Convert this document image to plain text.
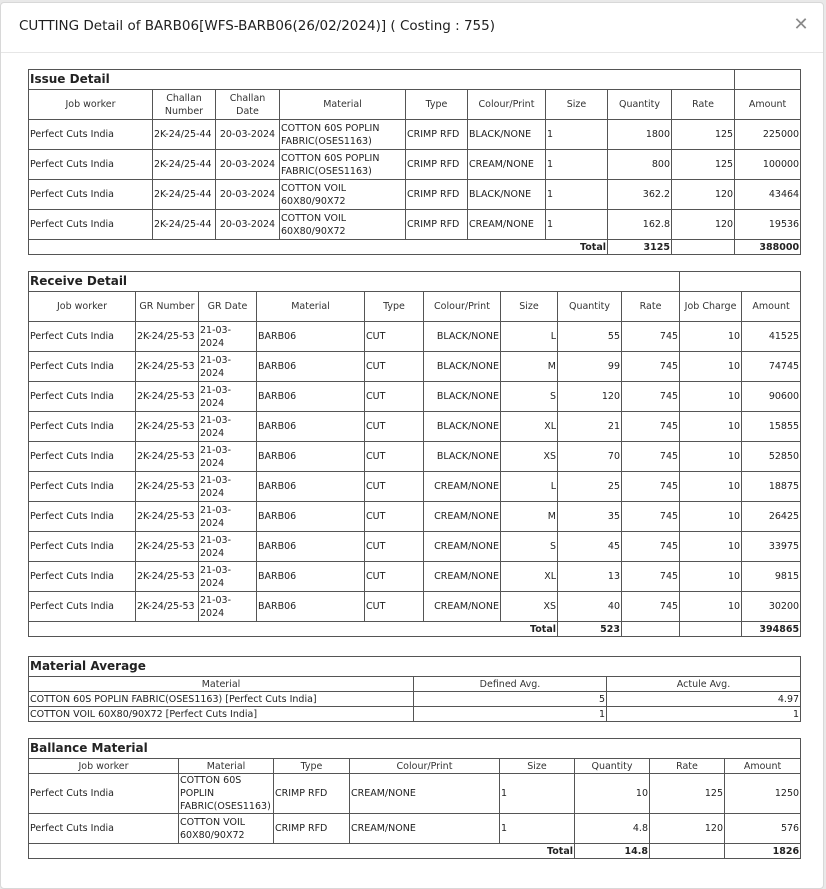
CUTTING Detail of BARB06[WFS-BARB06(26/02/2024)] ( Costing : 755)	✕
Issue Detail									
Job worker	Challan Number	Challan Date	Material	Type	Colour/Print	Size	Quantity	Rate	Amount
Perfect Cuts India	2K-24/25-44	20-03-2024	COTTON 60S POPLIN FABRIC(OSES1163)	CRIMP RFD	BLACK/NONE	1	1800	125	225000
Perfect Cuts India	2K-24/25-44	20-03-2024	COTTON 60S POPLIN FABRIC(OSES1163)	CRIMP RFD	CREAM/NONE	1	800	125	100000
Perfect Cuts India	2K-24/25-44	20-03-2024	COTTON VOIL 60X80/90X72	CRIMP RFD	BLACK/NONE	1	362.2	120	43464
Perfect Cuts India	2K-24/25-44	20-03-2024	COTTON VOIL 60X80/90X72	CRIMP RFD	CREAM/NONE	1	162.8	120	19536
Total							3125		388000
Receive Detail										
Job worker	GR Number	GR Date	Material	Type	Colour/Print	Size	Quantity	Rate	Job Charge	Amount
Perfect Cuts India	2K-24/25-53	21-03-2024	BARB06	CUT	BLACK/NONE	L	55	745	10	41525
Perfect Cuts India	2K-24/25-53	21-03-2024	BARB06	CUT	BLACK/NONE	M	99	745	10	74745
Perfect Cuts India	2K-24/25-53	21-03-2024	BARB06	CUT	BLACK/NONE	S	120	745	10	90600
Perfect Cuts India	2K-24/25-53	21-03-2024	BARB06	CUT	BLACK/NONE	XL	21	745	10	15855
Perfect Cuts India	2K-24/25-53	21-03-2024	BARB06	CUT	BLACK/NONE	XS	70	745	10	52850
Perfect Cuts India	2K-24/25-53	21-03-2024	BARB06	CUT	CREAM/NONE	L	25	745	10	18875
Perfect Cuts India	2K-24/25-53	21-03-2024	BARB06	CUT	CREAM/NONE	M	35	745	10	26425
Perfect Cuts India	2K-24/25-53	21-03-2024	BARB06	CUT	CREAM/NONE	S	45	745	10	33975
Perfect Cuts India	2K-24/25-53	21-03-2024	BARB06	CUT	CREAM/NONE	XL	13	745	10	9815
Perfect Cuts India	2K-24/25-53	21-03-2024	BARB06	CUT	CREAM/NONE	XS	40	745	10	30200
Total							523			394865
Material Average		
Material	Defined Avg.	Actule Avg.
COTTON 60S POPLIN FABRIC(OSES1163) [Perfect Cuts India]	5	4.97
COTTON VOIL 60X80/90X72 [Perfect Cuts India]	1	1
Ballance Material							
Job worker	Material	Type	Colour/Print	Size	Quantity	Rate	Amount
Perfect Cuts India	COTTON 60S POPLIN FABRIC(OSES1163)	CRIMP RFD	CREAM/NONE	1	10	125	1250
Perfect Cuts India	COTTON VOIL 60X80/90X72	CRIMP RFD	CREAM/NONE	1	4.8	120	576
Total					14.8		1826
